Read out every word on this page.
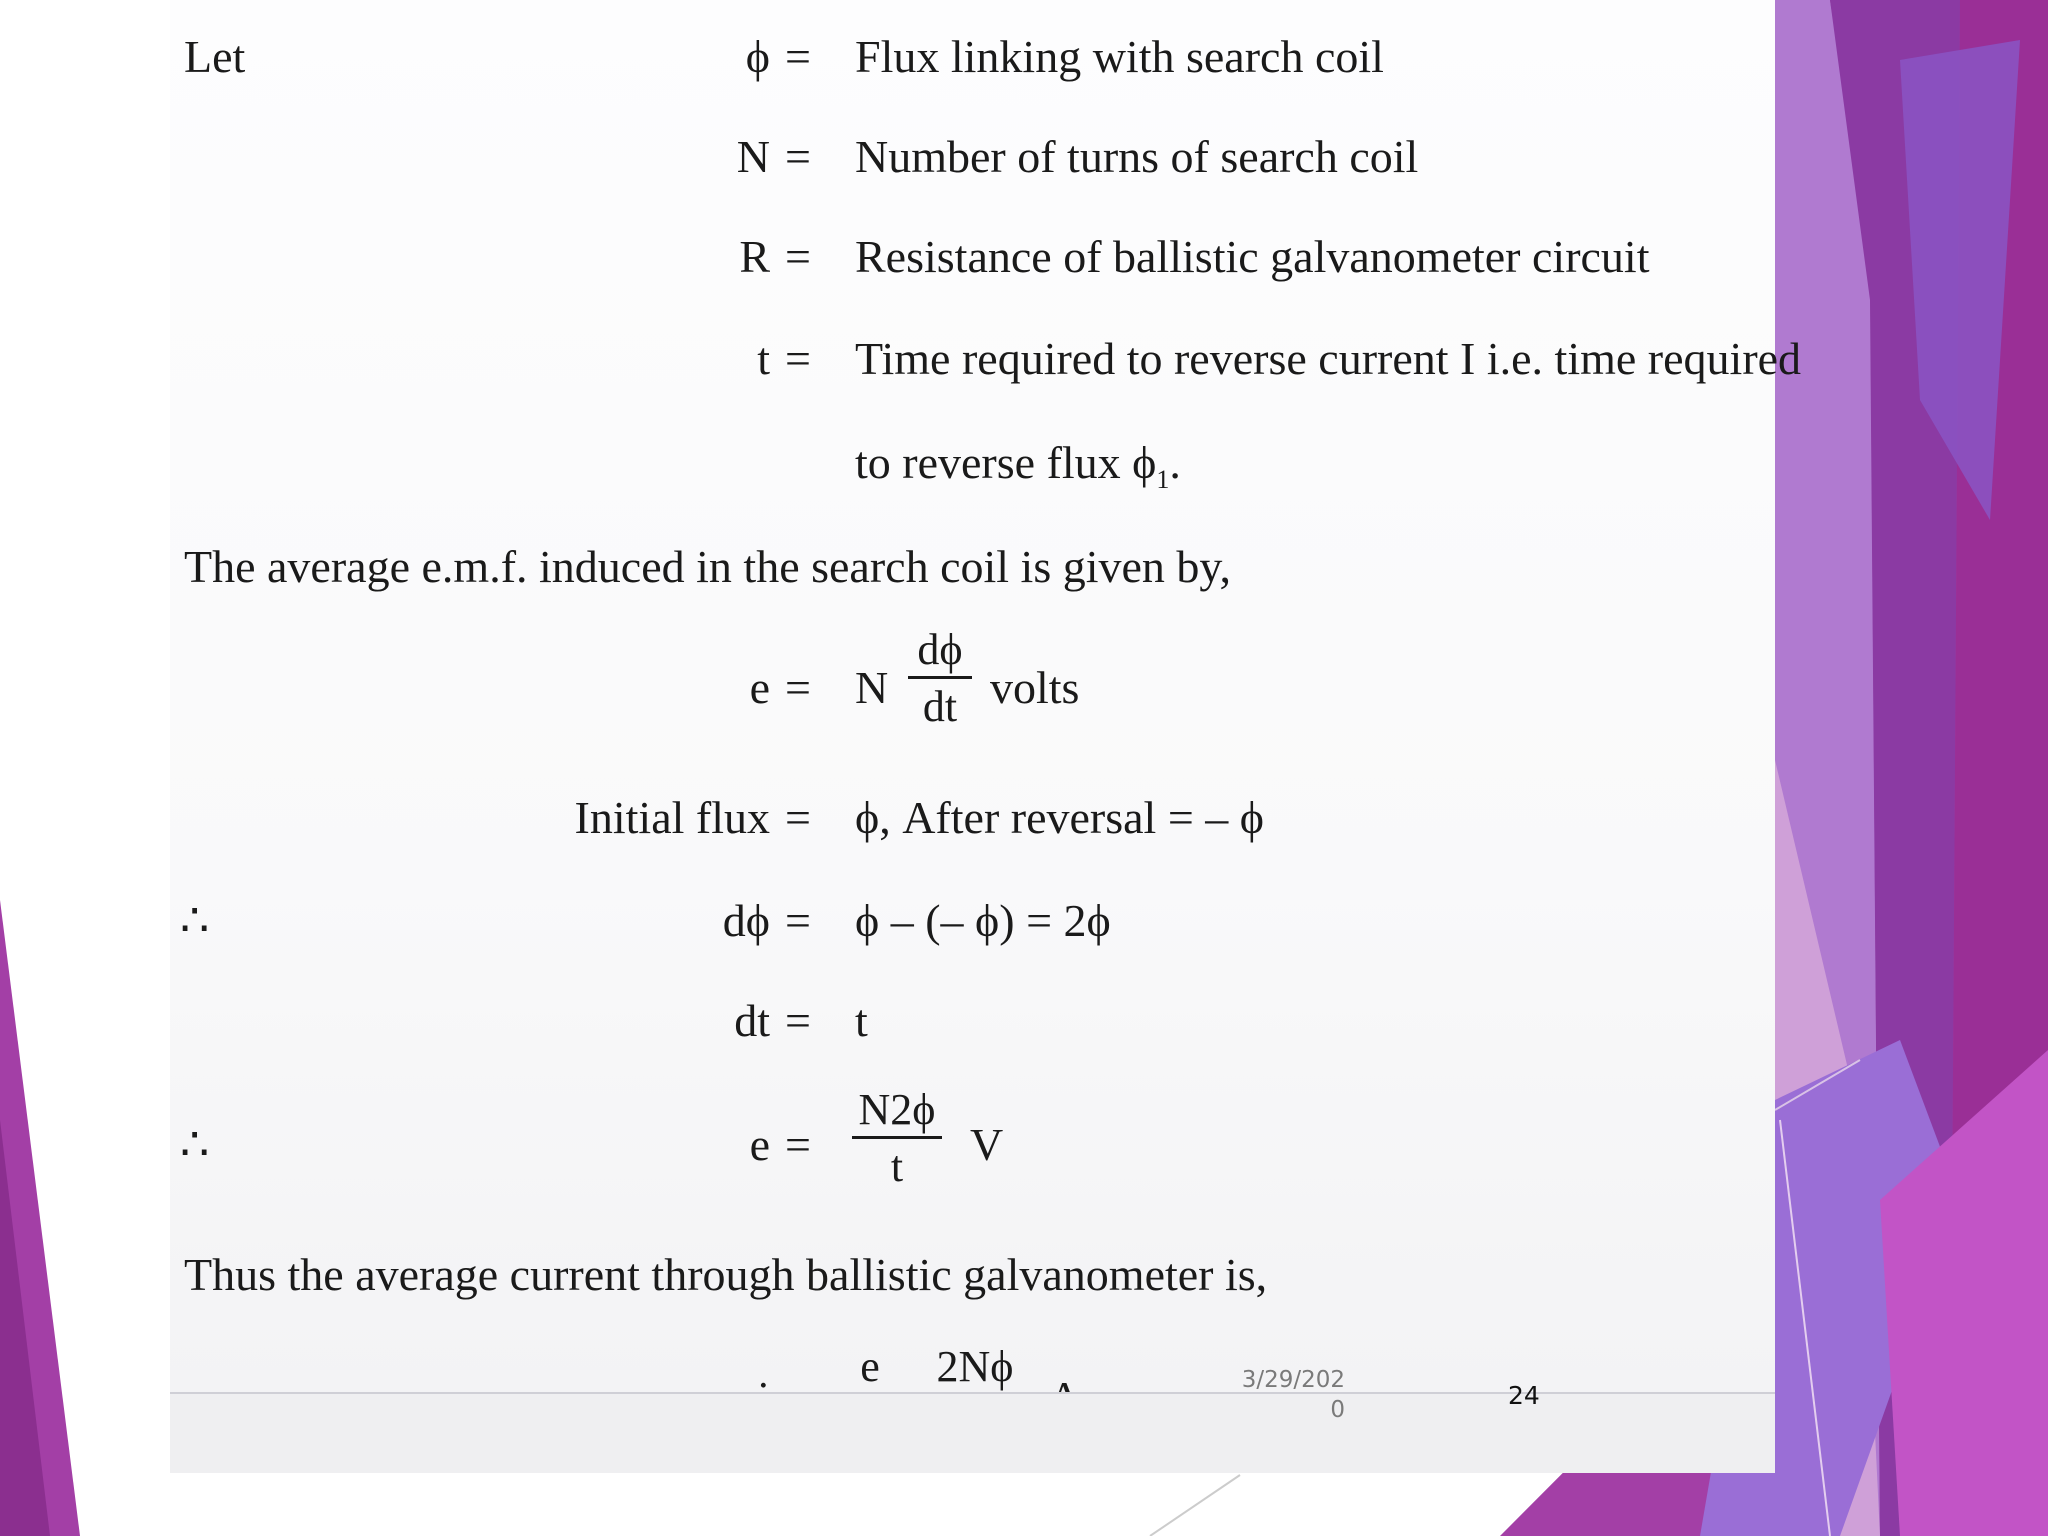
Let	ϕ = Flux linking with search coil
N = Number of turns of search coil
R = Resistance of ballistic galvanometer circuit
t = Time required to reverse current I i.e. time required
to reverse flux $\phi_1$.
The average e.m.f. induced in the search coil is given by,
e = N
dϕ
dt volts
Initial flux = ϕ, After reversal = – ϕ
∴	dϕ = ϕ – (– ϕ) = 2ϕ
dt = t
∴	e =
N2ϕ
t	V
Thus the average current through ballistic galvanometer is,
e 2Nϕ	3/29/2020	24
